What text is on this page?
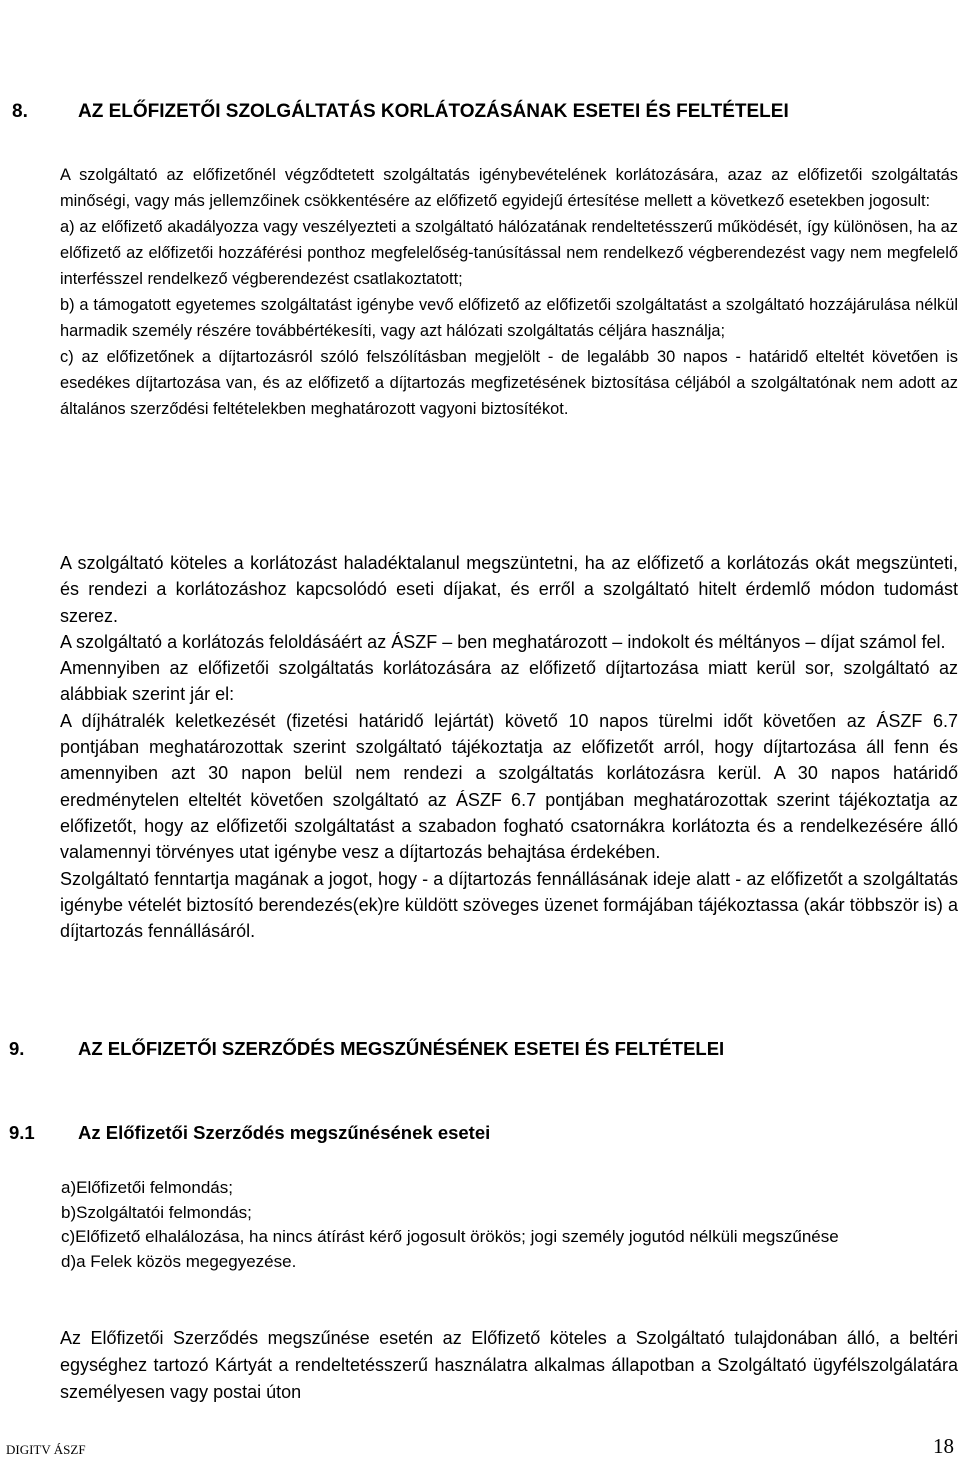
Készítés időpontja:	2006. január 30.
Utolsó módosítás időpontja: 2008. június 16.
8.	AZ ELŐFIZETŐI SZOLGÁLTATÁS KORLÁTOZÁSÁNAK ESETEI ÉS FELTÉTELEI

A szolgáltató az előfizetőnél végződtetett szolgáltatás igénybevételének korlátozására, azaz az előfizetői szolgáltatás minőségi, vagy más jellemzőinek csökkentésére az előfizető egyidejű értesítése mellett a következő esetekben jogosult:

a) az előfizető akadályozza vagy veszélyezteti a szolgáltató hálózatának rendeltetésszerű működését, így különösen, ha az előfizető az előfizetői hozzáférési ponthoz megfelelőség-tanúsítással nem rendelkező végberendezést vagy nem megfelelő interfésszel rendelkező végberendezést csatlakoztatott;

b) a támogatott egyetemes szolgáltatást igénybe vevő előfizető az előfizetői szolgáltatást a szolgáltató hozzájárulása nélkül harmadik személy részére továbbértékesíti, vagy azt hálózati szolgáltatás céljára használja;

c) az előfizetőnek a díjtartozásról szóló felszólításban megjelölt - de legalább 30 napos - határidő elteltét követően is esedékes díjtartozása van, és az előfizető a díjtartozás megfizetésének biztosítása céljából a szolgáltatónak nem adott az általános szerződési feltételekben meghatározott vagyoni biztosítékot.

A szolgáltató köteles a korlátozást haladéktalanul megszüntetni, ha az előfizető a korlátozás okát megszünteti, és rendezi a korlátozáshoz kapcsolódó eseti díjakat, és erről a szolgáltató hitelt érdemlő módon tudomást szerez.

A szolgáltató a korlátozás feloldásáért az ÁSZF – ben meghatározott – indokolt és méltányos – díjat számol fel.

Amennyiben az előfizetői szolgáltatás korlátozására az előfizető díjtartozása miatt kerül sor, szolgáltató az alábbiak szerint jár el:

A díjhátralék keletkezését (fizetési határidő lejártát) követő 10 napos türelmi időt követően az ÁSZF 6.7 pontjában meghatározottak szerint szolgáltató tájékoztatja az előfizetőt arról, hogy díjtartozása áll fenn és amennyiben azt 30 napon belül nem rendezi a szolgáltatás korlátozásra kerül. A 30 napos határidő eredménytelen elteltét követően szolgáltató az ÁSZF 6.7 pontjában meghatározottak szerint tájékoztatja az előfizetőt, hogy az előfizetői szolgáltatást a szabadon fogható csatornákra korlátozta és a rendelkezésére álló valamennyi törvényes utat igénybe vesz a díjtartozás behajtása érdekében.

Szolgáltató fenntartja magának a jogot, hogy - a díjtartozás fennállásának ideje alatt - az előfizetőt a szolgáltatás igénybe vételét biztosító berendezés(ek)re küldött szöveges üzenet formájában tájékoztassa (akár többször is) a díjtartozás fennállásáról.

9.	AZ ELŐFIZETŐI SZERZŐDÉS MEGSZŰNÉSÉNEK ESETEI ÉS FELTÉTELEI
9.1 Az Előfizetői Szerződés megszűnésének esetei

a)Előfizetői felmondás;

b)Szolgáltatói felmondás;

c)Előfizető elhalálozása, ha nincs átírást kérő jogosult örökös; jogi személy jogutód nélküli megszűnése

d)a Felek közös megegyezése.

Az Előfizetői Szerződés megszűnése esetén az Előfizető köteles a Szolgáltató tulajdonában álló, a beltéri egységhez tartozó Kártyát a rendeltetésszerű használatra alkalmas állapotban a Szolgáltató ügyfélszolgálatára személyesen vagy postai úton

DIGITV ÁSZF	18
